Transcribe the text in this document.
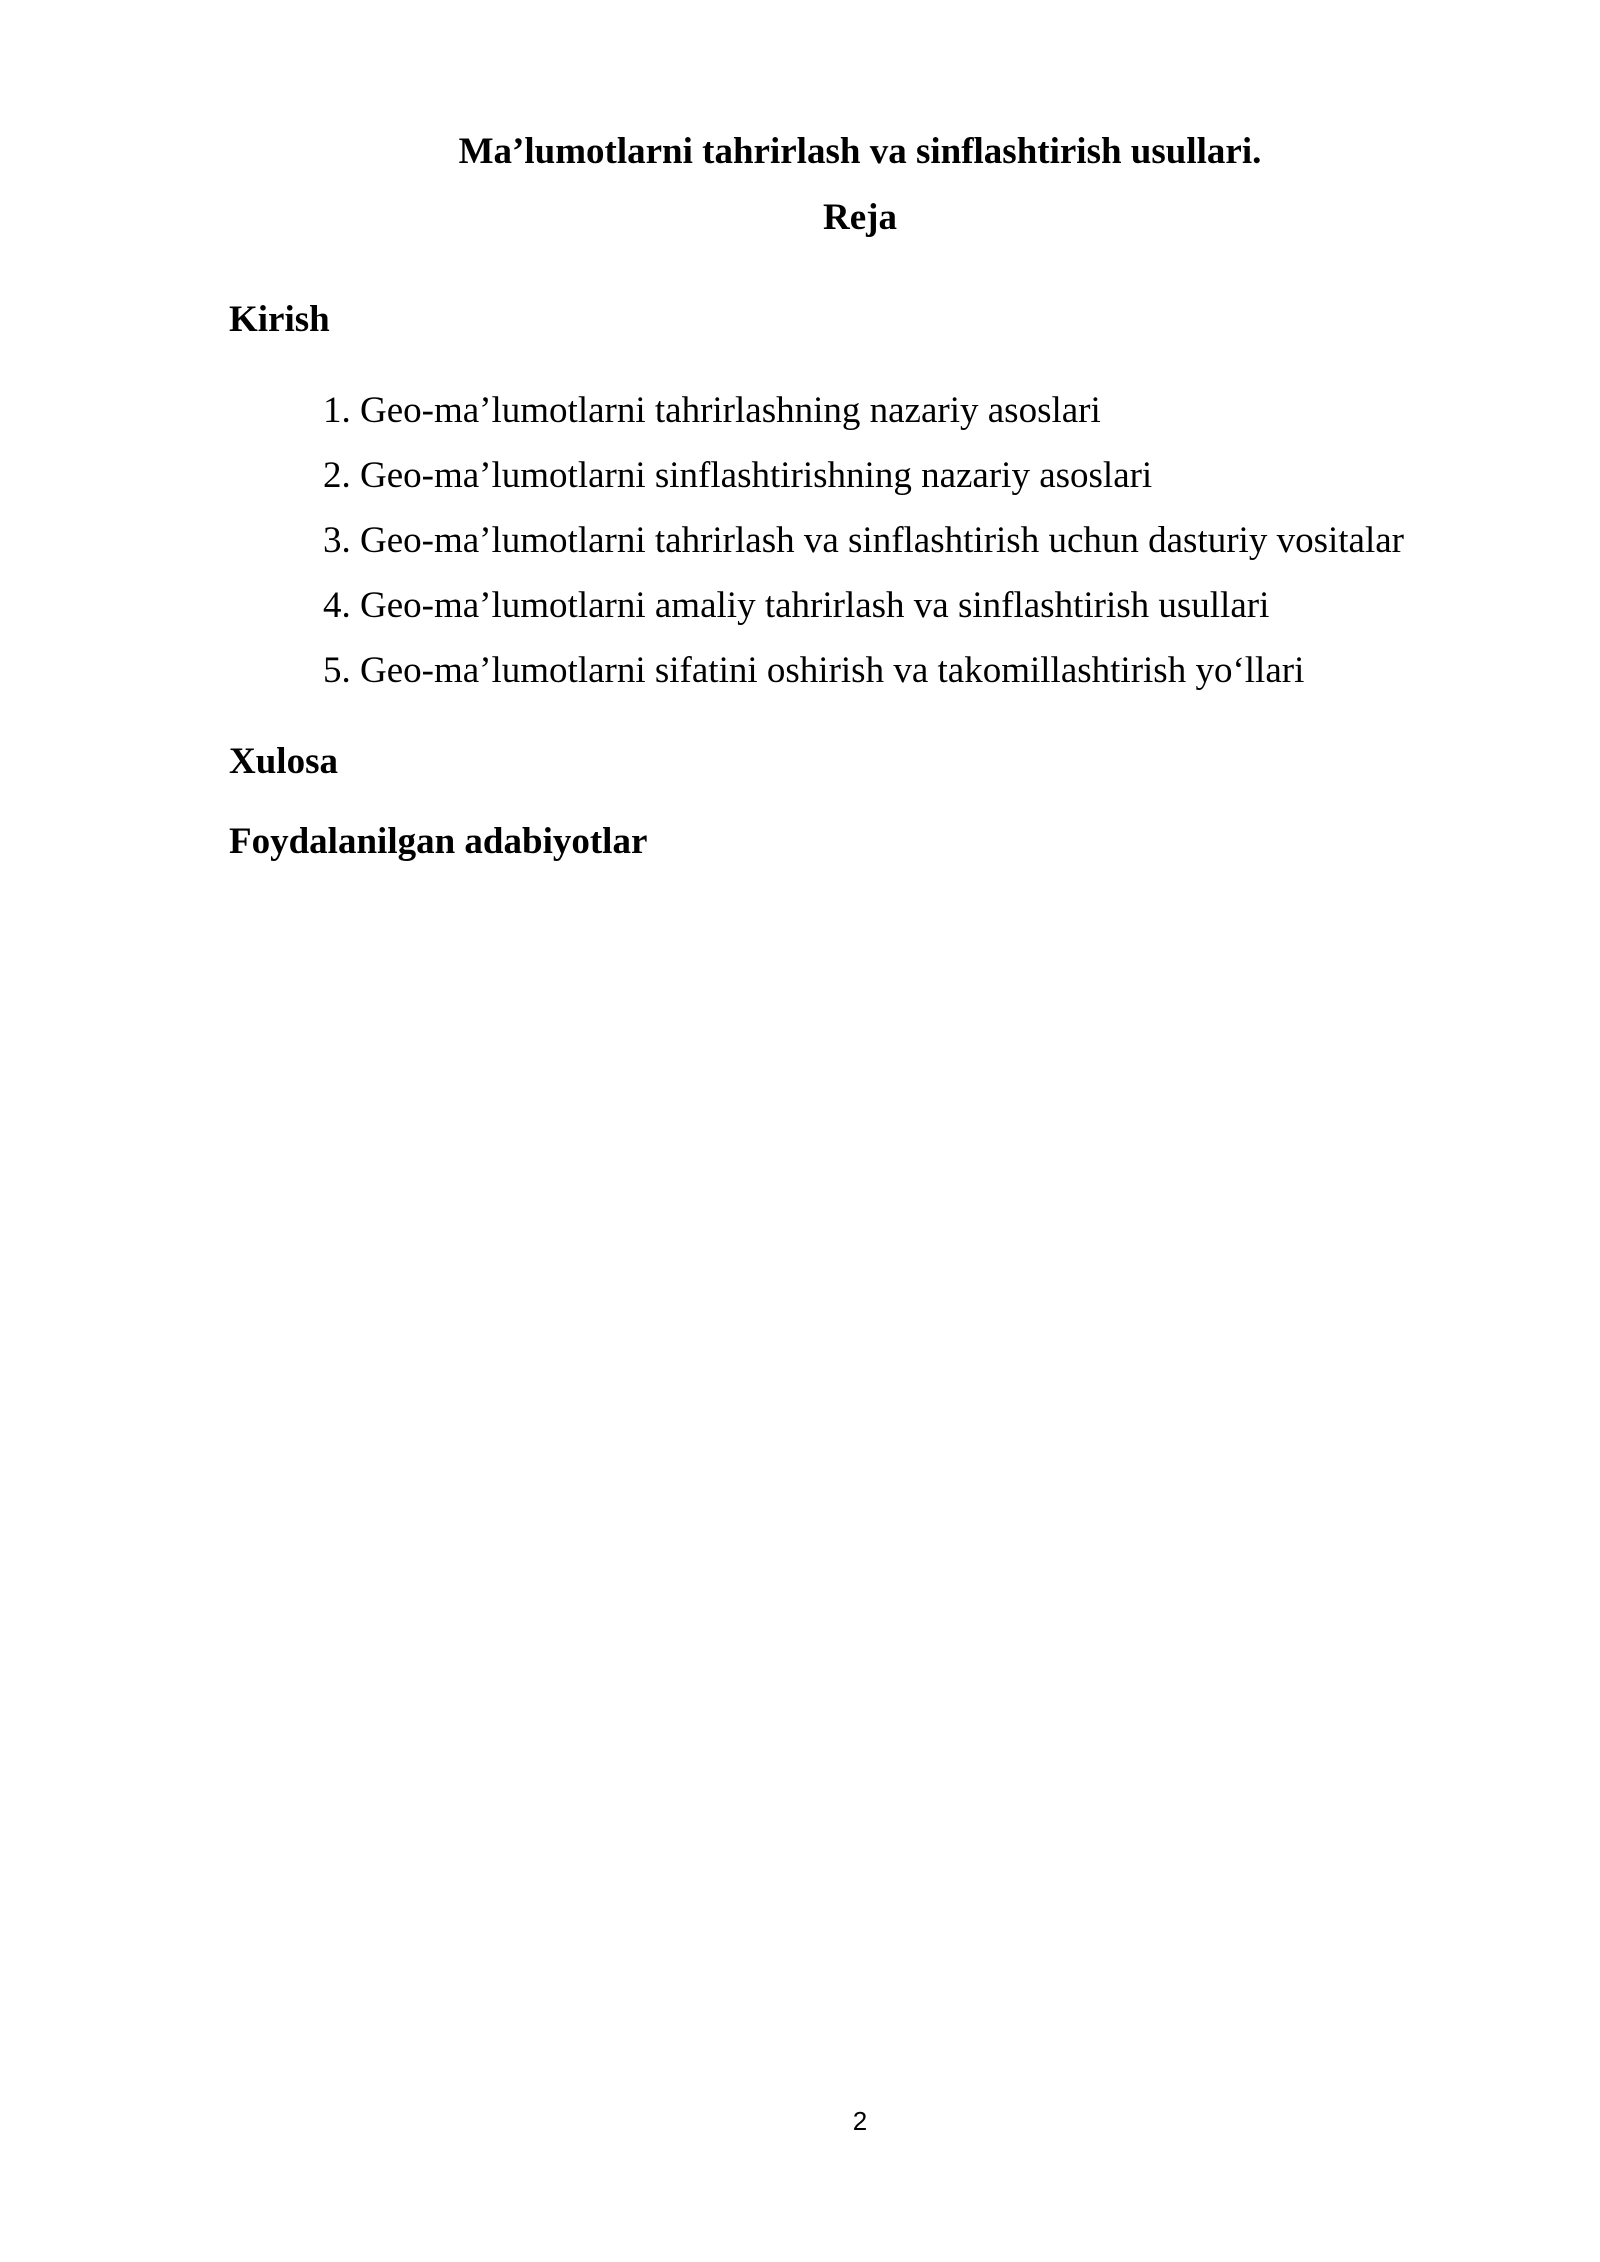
Ma’lumotlarni tahrirlash va sinflashtirish usullari.
Reja
Kirish
1. Geo-ma’lumotlarni tahrirlashning nazariy asoslari
2. Geo-ma’lumotlarni sinflashtirishning nazariy asoslari
3. Geo-ma’lumotlarni tahrirlash va sinflashtirish uchun dasturiy vositalar
4. Geo-ma’lumotlarni amaliy tahrirlash va sinflashtirish usullari
5. Geo-ma’lumotlarni sifatini oshirish va takomillashtirish yo‘llari
Xulosa
Foydalanilgan adabiyotlar
2
